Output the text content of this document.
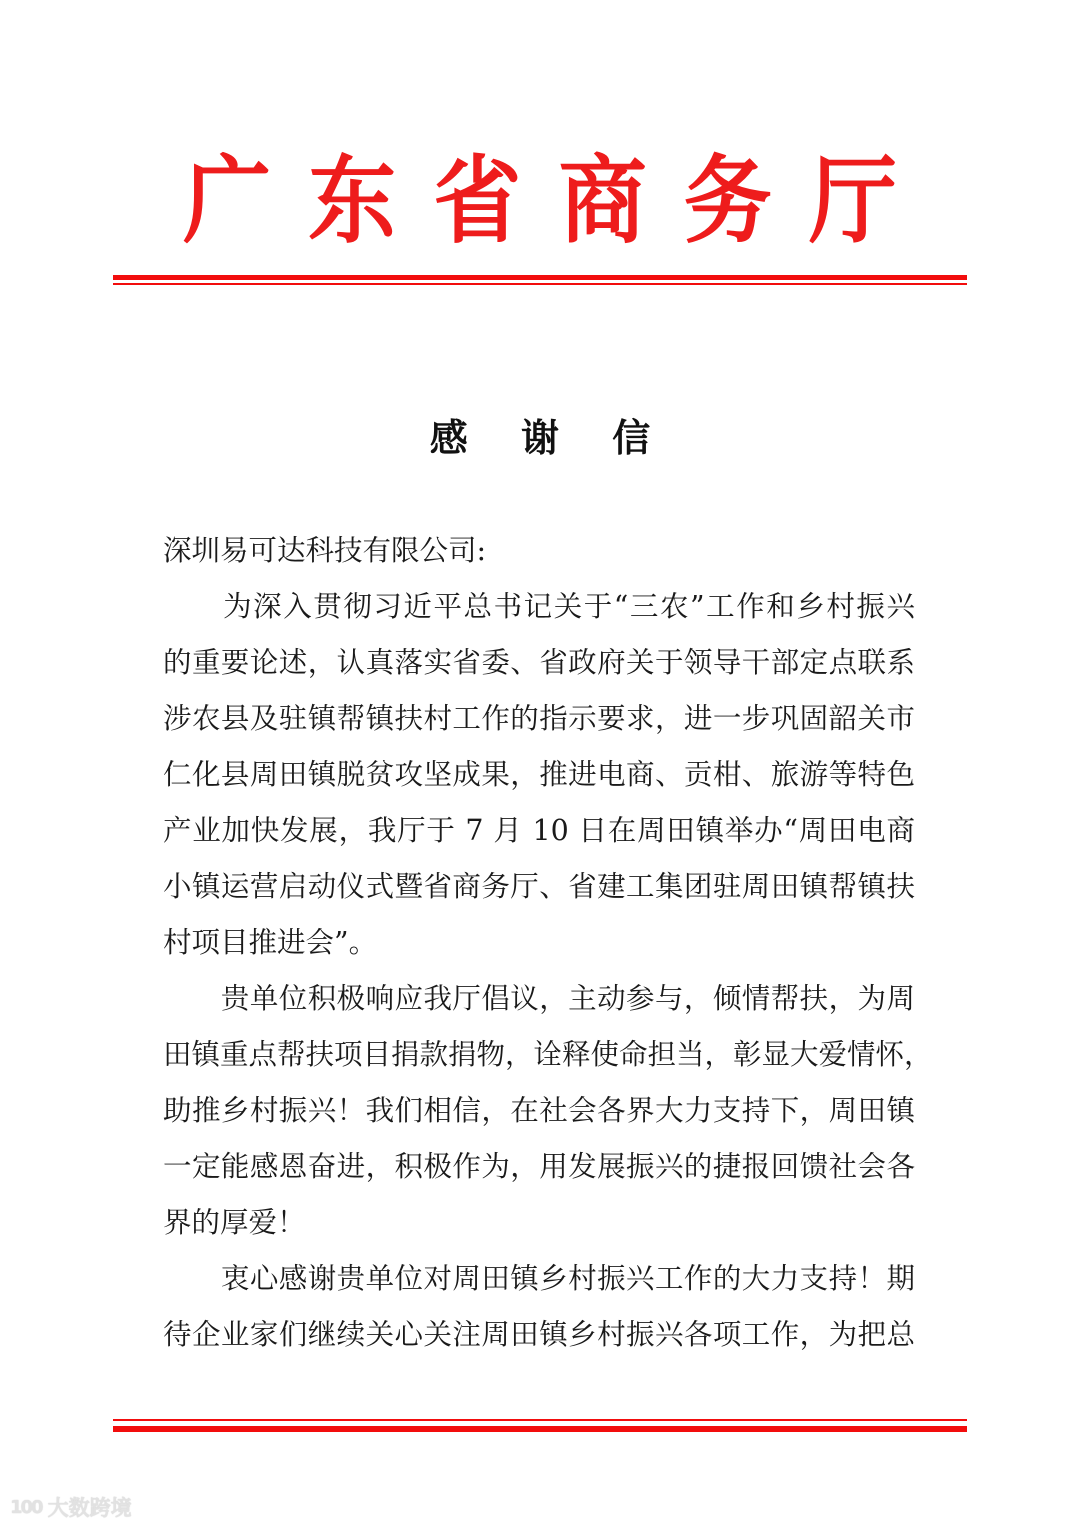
广 东 省 商 务 厅
感 谢 信
深圳易可达科技有限公司:
　　为深入贯彻习近平总书记关于“三农”工作和乡村振兴
的重要论述，认真落实省委、省政府关于领导干部定点联系
涉农县及驻镇帮镇扶村工作的指示要求，进一步巩固韶关市
仁化县周田镇脱贫攻坚成果，推进电商、贡柑、旅游等特色
产业加快发展，我厅于 7 月 10 日在周田镇举办“周田电商
小镇运营启动仪式暨省商务厅、省建工集团驻周田镇帮镇扶
村项目推进会”。
　　贵单位积极响应我厅倡议，主动参与，倾情帮扶，为周
田镇重点帮扶项目捐款捐物，诠释使命担当，彰显大爱情怀，
助推乡村振兴！我们相信，在社会各界大力支持下，周田镇
一定能感恩奋进，积极作为，用发展振兴的捷报回馈社会各
界的厚爱！
　　衷心感谢贵单位对周田镇乡村振兴工作的大力支持！期
待企业家们继续关心关注周田镇乡村振兴各项工作，为把总
100 大数跨境
